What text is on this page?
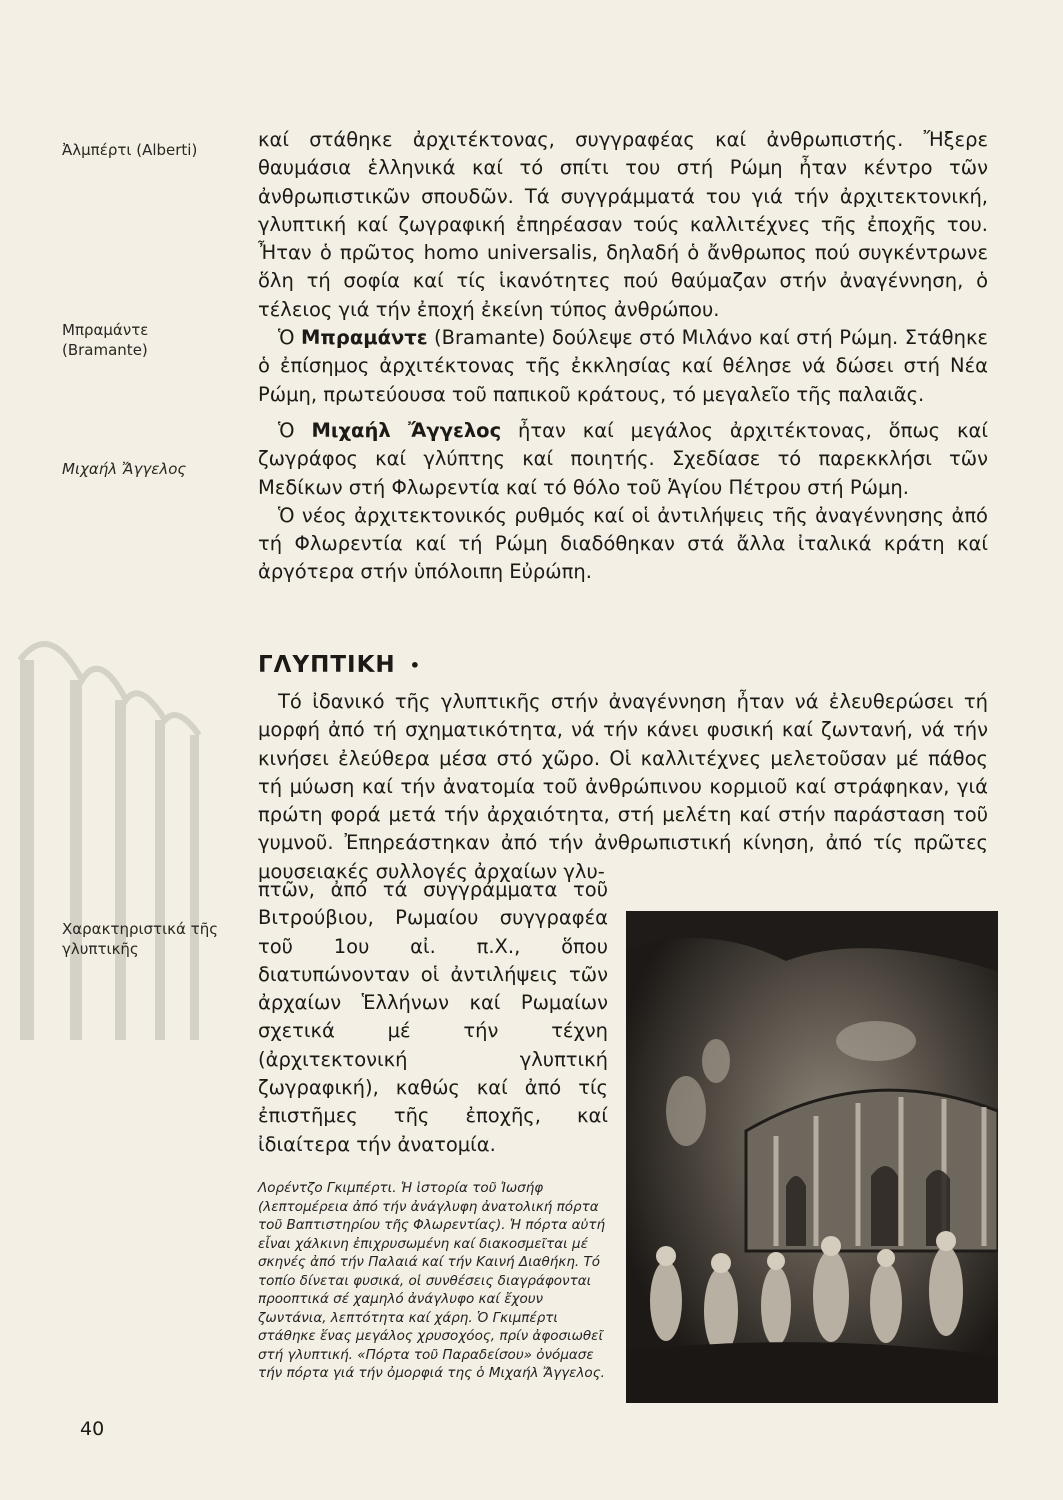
Ἀλμπέρτι (Alberti)
Μπραμάντε (Bramante)
Μιχαήλ Ἄγγελος
Χαρακτηριστικά τῆς γλυπτικῆς

καί στάθηκε ἀρχιτέκτονας, συγγραφέας καί ἀνθρωπιστής. Ἤξερε θαυμάσια ἑλληνικά καί τό σπίτι του στή Ρώμη ἦταν κέντρο τῶν ἀνθρωπιστικῶν σπουδῶν. Τά συγγράμματά του γιά τήν ἀρχιτεκτονική, γλυπτική καί ζωγραφική ἐπηρέασαν τούς καλλιτέχνες τῆς ἐποχῆς του. Ἦταν ὁ πρῶτος homo universalis, δηλαδή ὁ ἄνθρωπος πού συγκέντρωνε ὅλη τή σοφία καί τίς ἱκανότητες πού θαύμαζαν στήν ἀναγέννηση, ὁ τέλειος γιά τήν ἐποχή ἐκείνη τύπος ἀνθρώπου.

Ὁ Μπραμάντε (Bramante) δούλεψε στό Μιλάνο καί στή Ρώμη. Στάθηκε ὁ ἐπίσημος ἀρχιτέκτονας τῆς ἐκκλησίας καί θέλησε νά δώσει στή Νέα Ρώμη, πρωτεύουσα τοῦ παπικοῦ κράτους, τό μεγαλεῖο τῆς παλαιᾶς.

Ὁ Μιχαήλ Ἄγγελος ἦταν καί μεγάλος ἀρχιτέκτονας, ὅπως καί ζωγράφος καί γλύπτης καί ποιητής. Σχεδίασε τό παρεκκλήσι τῶν Μεδίκων στή Φλωρεντία καί τό θόλο τοῦ Ἁγίου Πέτρου στή Ρώμη.

Ὁ νέος ἀρχιτεκτονικός ρυθμός καί οἱ ἀντιλήψεις τῆς ἀναγέννησης ἀπό τή Φλωρεντία καί τή Ρώμη διαδόθηκαν στά ἄλλα ἰταλικά κράτη καί ἀργότερα στήν ὑπόλοιπη Εὐρώπη.

ΓΛΥΠΤΙΚΗ •

Τό ἰδανικό τῆς γλυπτικῆς στήν ἀναγέννηση ἦταν νά ἐλευθερώσει τή μορφή ἀπό τή σχηματικότητα, νά τήν κάνει φυσική καί ζωντανή, νά τήν κινήσει ἐλεύθερα μέσα στό χῶρο. Οἱ καλλιτέχνες μελετοῦσαν μέ πάθος τή μύωση καί τήν ἀνατομία τοῦ ἀνθρώπινου κορμιοῦ καί στράφηκαν, γιά πρώτη φορά μετά τήν ἀρχαιότητα, στή μελέτη καί στήν παράσταση τοῦ γυμνοῦ. Ἐπηρεάστηκαν ἀπό τήν ἀνθρωπιστική κίνηση, ἀπό τίς πρῶτες μουσειακές συλλογές ἀρχαίων γλυ-

πτῶν, ἀπό τά συγγράμματα τοῦ Βιτρούβιου, Ρωμαίου συγγραφέα τοῦ 1ου αἰ. π.Χ., ὅπου διατυπώνονταν οἱ ἀντιλήψεις τῶν ἀρχαίων Ἑλλήνων καί Ρωμαίων σχετικά μέ τήν τέχνη (ἀρχιτεκτονική γλυπτική ζωγραφική), καθώς καί ἀπό τίς ἐπιστῆμες τῆς ἐποχῆς, καί ἰδιαίτερα τήν ἀνατομία.

Λορέντζο Γκιμπέρτι. Ἡ ἱστορία τοῦ Ἰωσήφ (λεπτομέρεια ἀπό τήν ἀνάγλυφη ἀνατολική πόρτα τοῦ Βαπτιστηρίου τῆς Φλωρεντίας). Ἡ πόρτα αὐτή εἶναι χάλκινη ἐπιχρυσωμένη καί διακοσμεῖται μέ σκηνές ἀπό τήν Παλαιά καί τήν Καινή Διαθήκη. Τό τοπίο δίνεται φυσικά, οἱ συνθέσεις διαγράφονται προοπτικά σέ χαμηλό ἀνάγλυφο καί ἔχουν ζωντάνια, λεπτότητα καί χάρη. Ὁ Γκιμπέρτι στάθηκε ἕνας μεγάλος χρυσοχόος, πρίν ἀφοσιωθεῖ στή γλυπτική. «Πόρτα τοῦ Παραδείσου» ὀνόμασε τήν πόρτα γιά τήν ὀμορφιά της ὁ Μιχαήλ Ἄγγελος.

40
